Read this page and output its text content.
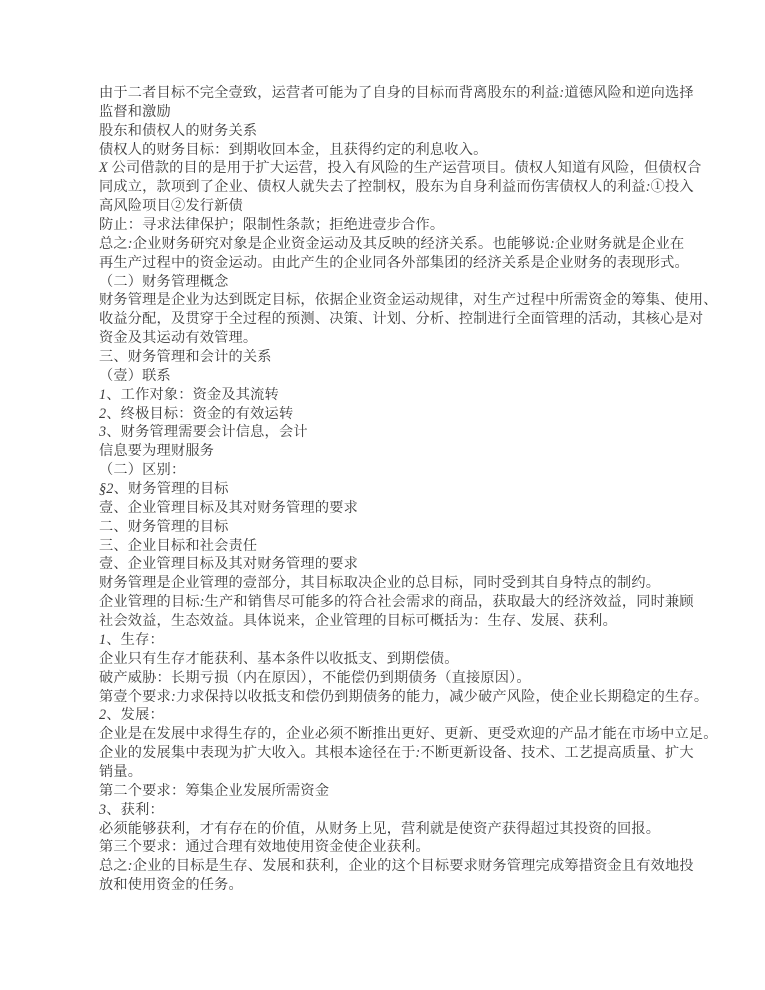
由于二者目标不完全壹致，运营者可能为了自身的目标而背离股东的利益:道德风险和逆向选择
监督和激励
股东和债权人的财务关系
债权人的财务目标：到期收回本金，且获得约定的利息收入。
X 公司借款的目的是用于扩大运营，投入有风险的生产运营项目。债权人知道有风险，但债权合
同成立，款项到了企业、债权人就失去了控制权，股东为自身利益而伤害债权人的利益:①投入
高风险项目②发行新债
防止：寻求法律保护；限制性条款；拒绝进壹步合作。
总之:企业财务研究对象是企业资金运动及其反映的经济关系。也能够说:企业财务就是企业在
再生产过程中的资金运动。由此产生的企业同各外部集团的经济关系是企业财务的表现形式。
（二）财务管理概念
财务管理是企业为达到既定目标，依据企业资金运动规律，对生产过程中所需资金的筹集、使用、
收益分配，及贯穿于全过程的预测、决策、计划、分析、控制进行全面管理的活动，其核心是对
资金及其运动有效管理。
三、财务管理和会计的关系
（壹）联系
1、工作对象：资金及其流转
2、终极目标：资金的有效运转
3、财务管理需要会计信息，会计
信息要为理财服务
（二）区别：
§2、财务管理的目标
壹、企业管理目标及其对财务管理的要求
二、财务管理的目标
三、企业目标和社会责任
壹、企业管理目标及其对财务管理的要求
财务管理是企业管理的壹部分，其目标取决企业的总目标，同时受到其自身特点的制约。
企业管理的目标:生产和销售尽可能多的符合社会需求的商品，获取最大的经济效益，同时兼顾
社会效益，生态效益。具体说来，企业管理的目标可概括为：生存、发展、获利。
1、生存：
企业只有生存才能获利、基本条件以收抵支、到期偿债。
破产威胁：长期亏损（内在原因），不能偿仍到期债务（直接原因）。
第壹个要求:力求保持以收抵支和偿仍到期债务的能力，减少破产风险，使企业长期稳定的生存。
2、发展：
企业是在发展中求得生存的，企业必须不断推出更好、更新、更受欢迎的产品才能在市场中立足。
企业的发展集中表现为扩大收入。其根本途径在于:不断更新设备、技术、工艺提高质量、扩大
销量。
第二个要求：筹集企业发展所需资金
3、获利：
必须能够获利，才有存在的价值，从财务上见，营利就是使资产获得超过其投资的回报。
第三个要求：通过合理有效地使用资金使企业获利。
总之:企业的目标是生存、发展和获利，企业的这个目标要求财务管理完成筹措资金且有效地投
放和使用资金的任务。
